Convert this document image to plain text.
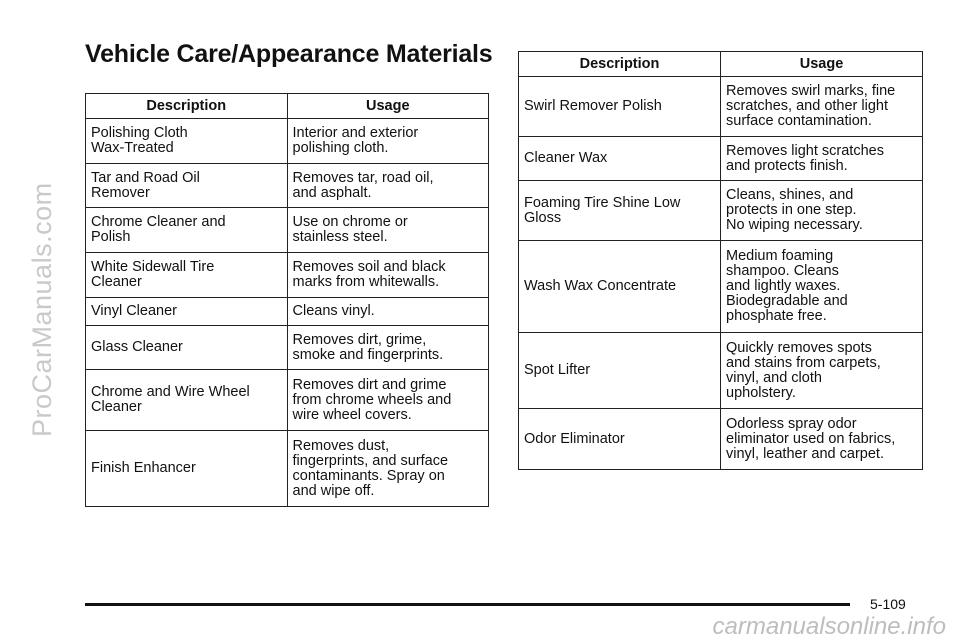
ProCarManuals.com
Vehicle Care/Appearance Materials
Description	Usage
Polishing Cloth
Wax-Treated	Interior and exterior
polishing cloth.
Tar and Road Oil
Remover	Removes tar, road oil,
and asphalt.
Chrome Cleaner and
Polish	Use on chrome or
stainless steel.
White Sidewall Tire
Cleaner	Removes soil and black
marks from whitewalls.
Vinyl Cleaner	Cleans vinyl.
Glass Cleaner	Removes dirt, grime,
smoke and fingerprints.
Chrome and Wire Wheel
Cleaner	Removes dirt and grime
from chrome wheels and
wire wheel covers.
Finish Enhancer	Removes dust,
fingerprints, and surface
contaminants. Spray on
and wipe off.
Description	Usage
Swirl Remover Polish	Removes swirl marks, fine
scratches, and other light
surface contamination.
Cleaner Wax	Removes light scratches
and protects finish.
Foaming Tire Shine Low
Gloss	Cleans, shines, and
protects in one step.
No wiping necessary.
Wash Wax Concentrate	Medium foaming
shampoo. Cleans
and lightly waxes.
Biodegradable and
phosphate free.
Spot Lifter	Quickly removes spots
and stains from carpets,
vinyl, and cloth
upholstery.
Odor Eliminator	Odorless spray odor
eliminator used on fabrics,
vinyl, leather and carpet.
5-109
carmanualsonline.info
